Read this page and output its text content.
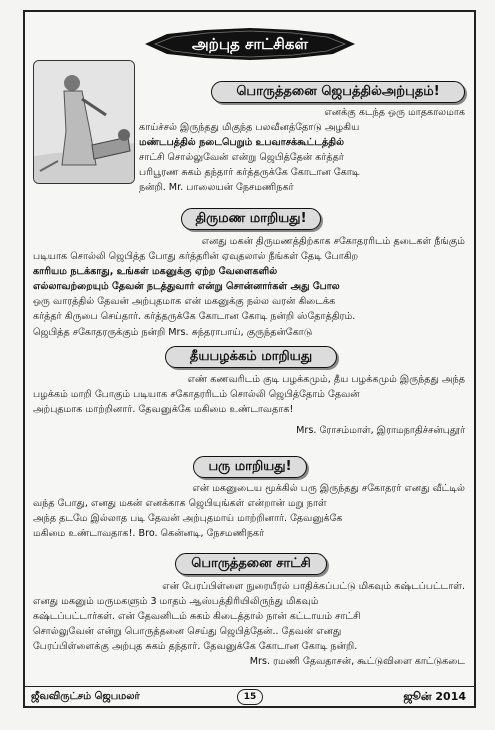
அற்புத சாட்சிகள்
பொருத்தனை ஜெபத்தில்அற்புதம்!
எனக்கு கடந்த ஒரு மாதகாலமாக
காய்ச்சல் இருந்தது மிகுந்த பலவீனத்தோடு அழகிய
மண்டபத்தில் நடைபெறும் உபவாசக்கூட்டத்தில்
சாட்சி சொல்லுவேன் என்று ஜெபித்தேன் கர்த்தர்
பரிபூரண சுகம் தந்தார் கர்த்தருக்கே கோடான கோடி
நன்றி. Mr. பாலையன் நேசமணிநகர்
திருமண மாறியது!
எனது மகன் திருமணத்திற்காக சகோதரரிடம் தடைகள் நீங்கும்
படியாக சொல்லி ஜெபித்த போது கர்த்தரின் ஏவுதலால் நீங்கள் தேடி போகிற
காரியம நடக்காது, உங்கள் மகனுக்கு ஏற்ற வேளைகளில்
எல்லாவற்றையும் தேவன் நடத்துவார் என்று சொன்னார்கள் அது போல
ஒரு வாரத்தில் தேவன் அற்புதமாக என் மகனுக்கு நல்ல வரன் கிடைக்க
கர்த்தர் கிருபை செய்தார். கர்த்தருக்கே கோடான கோடி நன்றி ஸ்தோத்திரம்.
ஜெபித்த சகோதரருக்கும் நன்றி Mrs. சுந்தராபாய், குருந்தன்கோடு
தீயபழக்கம் மாறியது
எண் கணவரிடம் குடி பழக்கமும், தீய பழக்கமும் இருந்தது அந்த
பழக்கம் மாறி போகும் படியாக சகோதரரிடம் சொல்லி ஜெபித்தோம் தேவன்
அற்புதமாக மாற்றினார். தேவனுக்கே மகிமை உண்டாவதாக!
Mrs. ரோசம்மாள், இராமநாதிச்சன்புதூர்
பரு மாறியது!
என் மகனுடைய மூக்கில் பரு இருந்தது சகோதரர் எனது வீட்டில்
வந்த போது, எனது மகன் எனக்காக ஜெபியுங்கள் என்றான் மறு நாள்
அந்த தடமே இல்லாத படி தேவன் அற்புதமாய் மாற்றினார். தேவனுக்கே
மகிமை உண்டாவதாக!. Bro. கென்னடி, நேசமணிநகர்
பொருத்தனை சாட்சி
என் பேரப்பிள்ளை நுரையீரல் பாதிக்கப்பட்டு மிகவும் கஷ்டப்பட்டாள்.
எனது மகனும் மருமகளும் 3 மாதம் ஆஸ்பத்திரியிலிருந்து மிகவும்
கஷ்டப்பட்டார்கள். என் தேவனிடம் சுகம் கிடைத்தால் நான் கட்டாயம் சாட்சி
சொல்லுவேன் என்று பொருத்தனை செய்து ஜெபித்தேன்.. தேவன் எனது
பேரப்பிள்ளைக்கு அற்புத சுகம் தந்தார். தேவனுக்கே கோடான கோடி நன்றி.
Mrs. ரமணி தேவதாசன், கூட்டுவிளை காட்டுகடை
ஜீவவிருட்சம் ஜெபமலர்	15	ஜூன் 2014
